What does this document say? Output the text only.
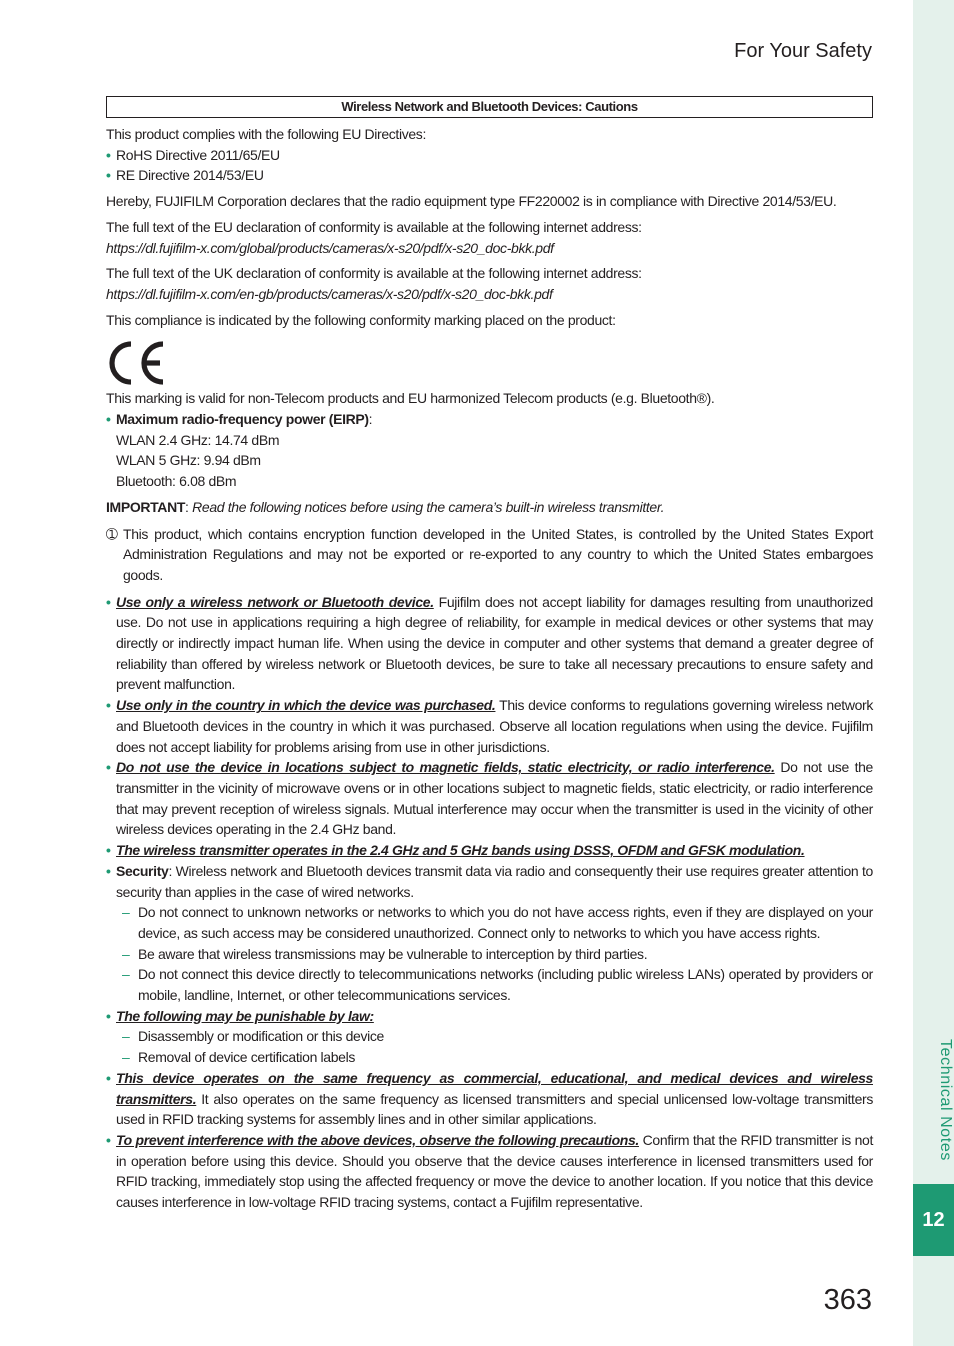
Technical Notes
12
For Your Safety
Wireless Network and Bluetooth Devices: Cautions

This product complies with the following EU Directives:

• RoHS Directive 2011/65/EU
• RE Directive 2014/53/EU

Hereby, FUJIFILM Corporation declares that the radio equipment type FF220002 is in compliance with Directive 2014/53/EU.

The full text of the EU declaration of conformity is available at the following internet address:

https://dl.fujifilm-x.com/global/products/cameras/x-s20/pdf/x-s20_doc-bkk.pdf

The full text of the UK declaration of conformity is available at the following internet address:

https://dl.fujifilm-x.com/en-gb/products/cameras/x-s20/pdf/x-s20_doc-bkk.pdf

This compliance is indicated by the following conformity marking placed on the product:

This marking is valid for non-Telecom products and EU harmonized Telecom products (e.g. Bluetooth®).

• Maximum radio-frequency power (EIRP):
WLAN 2.4 GHz: 14.74 dBm
WLAN 5 GHz: 9.94 dBm
Bluetooth: 6.08 dBm

IMPORTANT: Read the following notices before using the camera’s built-in wireless transmitter.

➀ This product, which contains encryption function developed in the United States, is controlled by the United States Export Administration Regulations and may not be exported or re-exported to any country to which the United States embargoes goods.
• Use only a wireless network or Bluetooth device. Fujifilm does not accept liability for damages resulting from unauthorized use. Do not use in applications requiring a high degree of reliability, for example in medical devices or other systems that may directly or indirectly impact human life. When using the device in computer and other systems that demand a greater degree of reliability than offered by wireless network or Bluetooth devices, be sure to take all necessary precautions to ensure safety and prevent malfunction.
• Use only in the country in which the device was purchased. This device conforms to regulations governing wireless network and Bluetooth devices in the country in which it was purchased. Observe all location regulations when using the device. Fujifilm does not accept liability for problems arising from use in other jurisdictions.
• Do not use the device in locations subject to magnetic fields, static electricity, or radio interference. Do not use the transmitter in the vicinity of microwave ovens or in other locations subject to magnetic fields, static electricity, or radio interference that may prevent reception of wireless signals. Mutual interference may occur when the transmitter is used in the vicinity of other wireless devices operating in the 2.4 GHz band.
• The wireless transmitter operates in the 2.4 GHz and 5 GHz bands using DSSS, OFDM and GFSK modulation.
• Security: Wireless network and Bluetooth devices transmit data via radio and consequently their use requires greater attention to security than applies in the case of wired networks.
– Do not connect to unknown networks or networks to which you do not have access rights, even if they are displayed on your device, as such access may be considered unauthorized. Connect only to networks to which you have access rights.
– Be aware that wireless transmissions may be vulnerable to interception by third parties.
– Do not connect this device directly to telecommunications networks (including public wireless LANs) operated by providers or mobile, landline, Internet, or other telecommunications services.
• The following may be punishable by law:
– Disassembly or modification or this device
– Removal of device certification labels
• This device operates on the same frequency as commercial, educational, and medical devices and wireless transmitters. It also operates on the same frequency as licensed transmitters and special unlicensed low-voltage transmitters used in RFID tracking systems for assembly lines and in other similar applications.
• To prevent interference with the above devices, observe the following precautions. Confirm that the RFID transmitter is not in operation before using this device. Should you observe that the device causes interference in licensed transmitters used for RFID tracking, immediately stop using the affected frequency or move the device to another location. If you notice that this device causes interference in low-voltage RFID tracing systems, contact a Fujifilm representative.
363
